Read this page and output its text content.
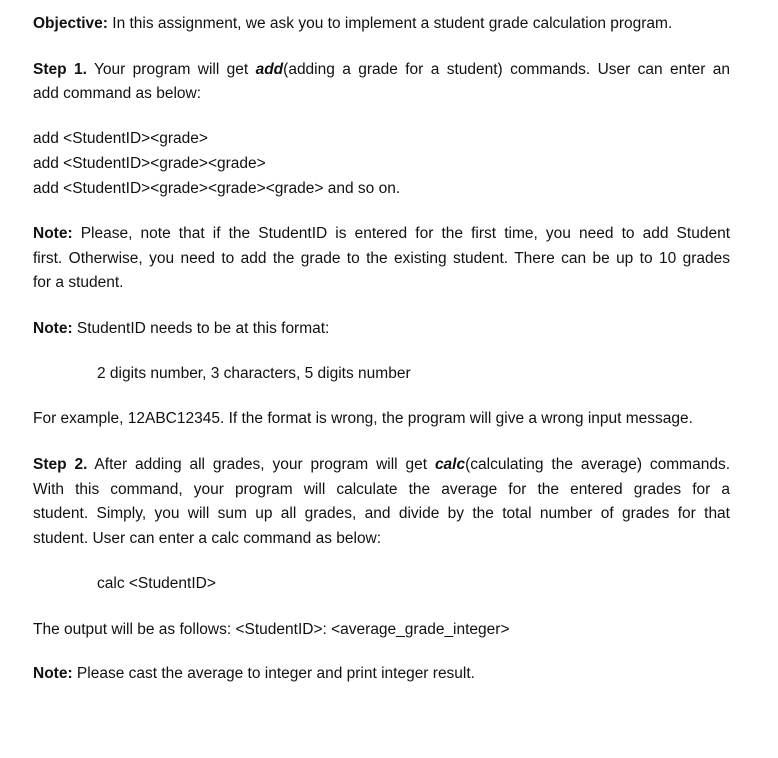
Objective: In this assignment, we ask you to implement a student grade calculation program.
Step 1. Your program will get add(adding a grade for a student) commands. User can enter an
add command as below:
add <StudentID><grade>
add <StudentID><grade><grade>
add <StudentID><grade><grade><grade> and so on.
Note: Please, note that if the StudentID is entered for the first time, you need to add Student
first. Otherwise, you need to add the grade to the existing student. There can be up to 10 grades
for a student.
Note: StudentID needs to be at this format:
2 digits number, 3 characters, 5 digits number
For example, 12ABC12345. If the format is wrong, the program will give a wrong input message.
Step 2. After adding all grades, your program will get calc(calculating the average) commands.
With this command, your program will calculate the average for the entered grades for a
student. Simply, you will sum up all grades, and divide by the total number of grades for that
student. User can enter a calc command as below:
calc <StudentID>
The output will be as follows: <StudentID>: <average_grade_integer>
Note: Please cast the average to integer and print integer result.
